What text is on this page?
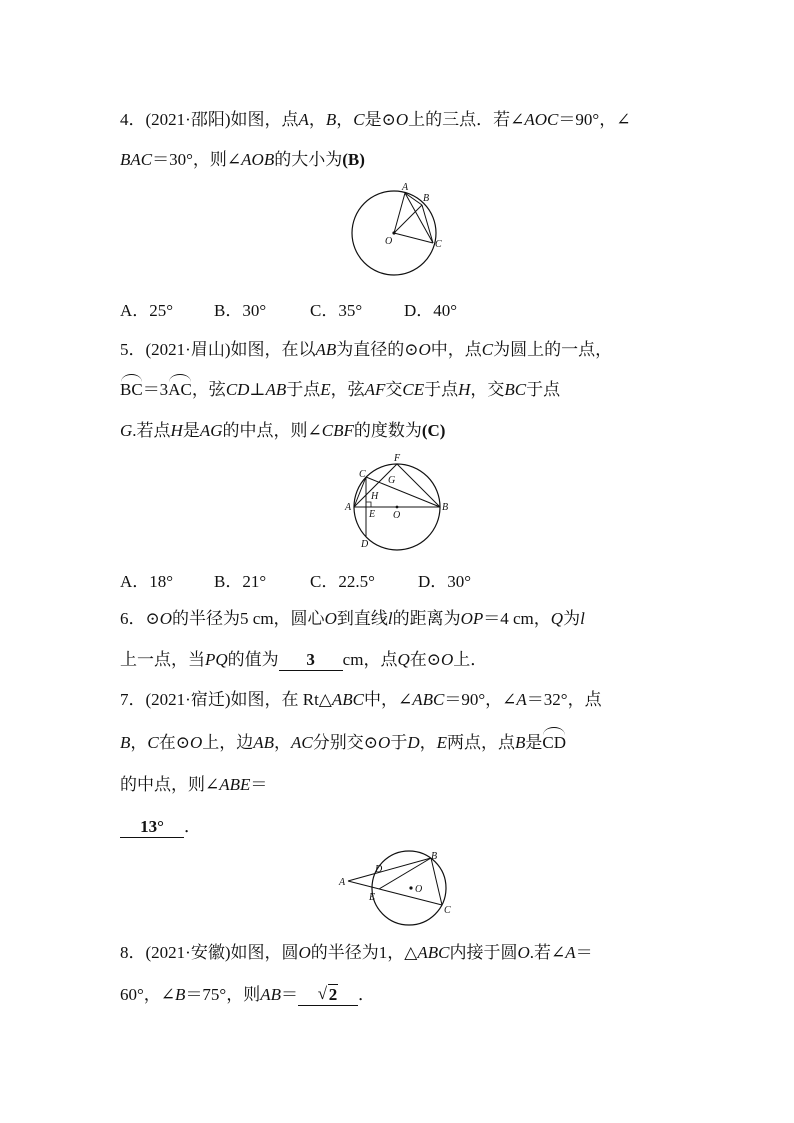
4．(2021·邵阳)如图，点A，B，C是⊙O上的三点．若∠AOC＝90°，∠
BAC＝30°，则∠AOB的大小为(B)
A
B
C
O
A．25° B．30°	C．35° D．40°
5．(2021·眉山)如图，在以AB为直径的⊙O中，点C为圆上的一点，
BC＝3AC，弦CD⊥AB于点E，弦AF交CE于点H，交BC于点
G.若点H是AG的中点，则∠CBF的度数为(C)
A	B
C
D
E
F
G
H
O
A．18° B．21°	C．22.5°	D．30°
6．⊙O的半径为5 cm，圆心O到直线l的距离为OP＝4 cm，Q为l
上一点，当PQ的值为 3 cm，点Q在⊙O上．
7．(2021·宿迁)如图，在 Rt△ABC中，∠ABC＝90°，∠A＝32°，点
B，C在⊙O上，边AB，AC分别交⊙O于D，E两点，点B是CD
的中点，则∠ABE＝
13° ．
A
B
C
D
E
O
8．(2021·安徽)如图，圆O的半径为1，△ABC内接于圆O.若∠A＝
60°，∠B＝75°，则AB＝√ 2 ．
